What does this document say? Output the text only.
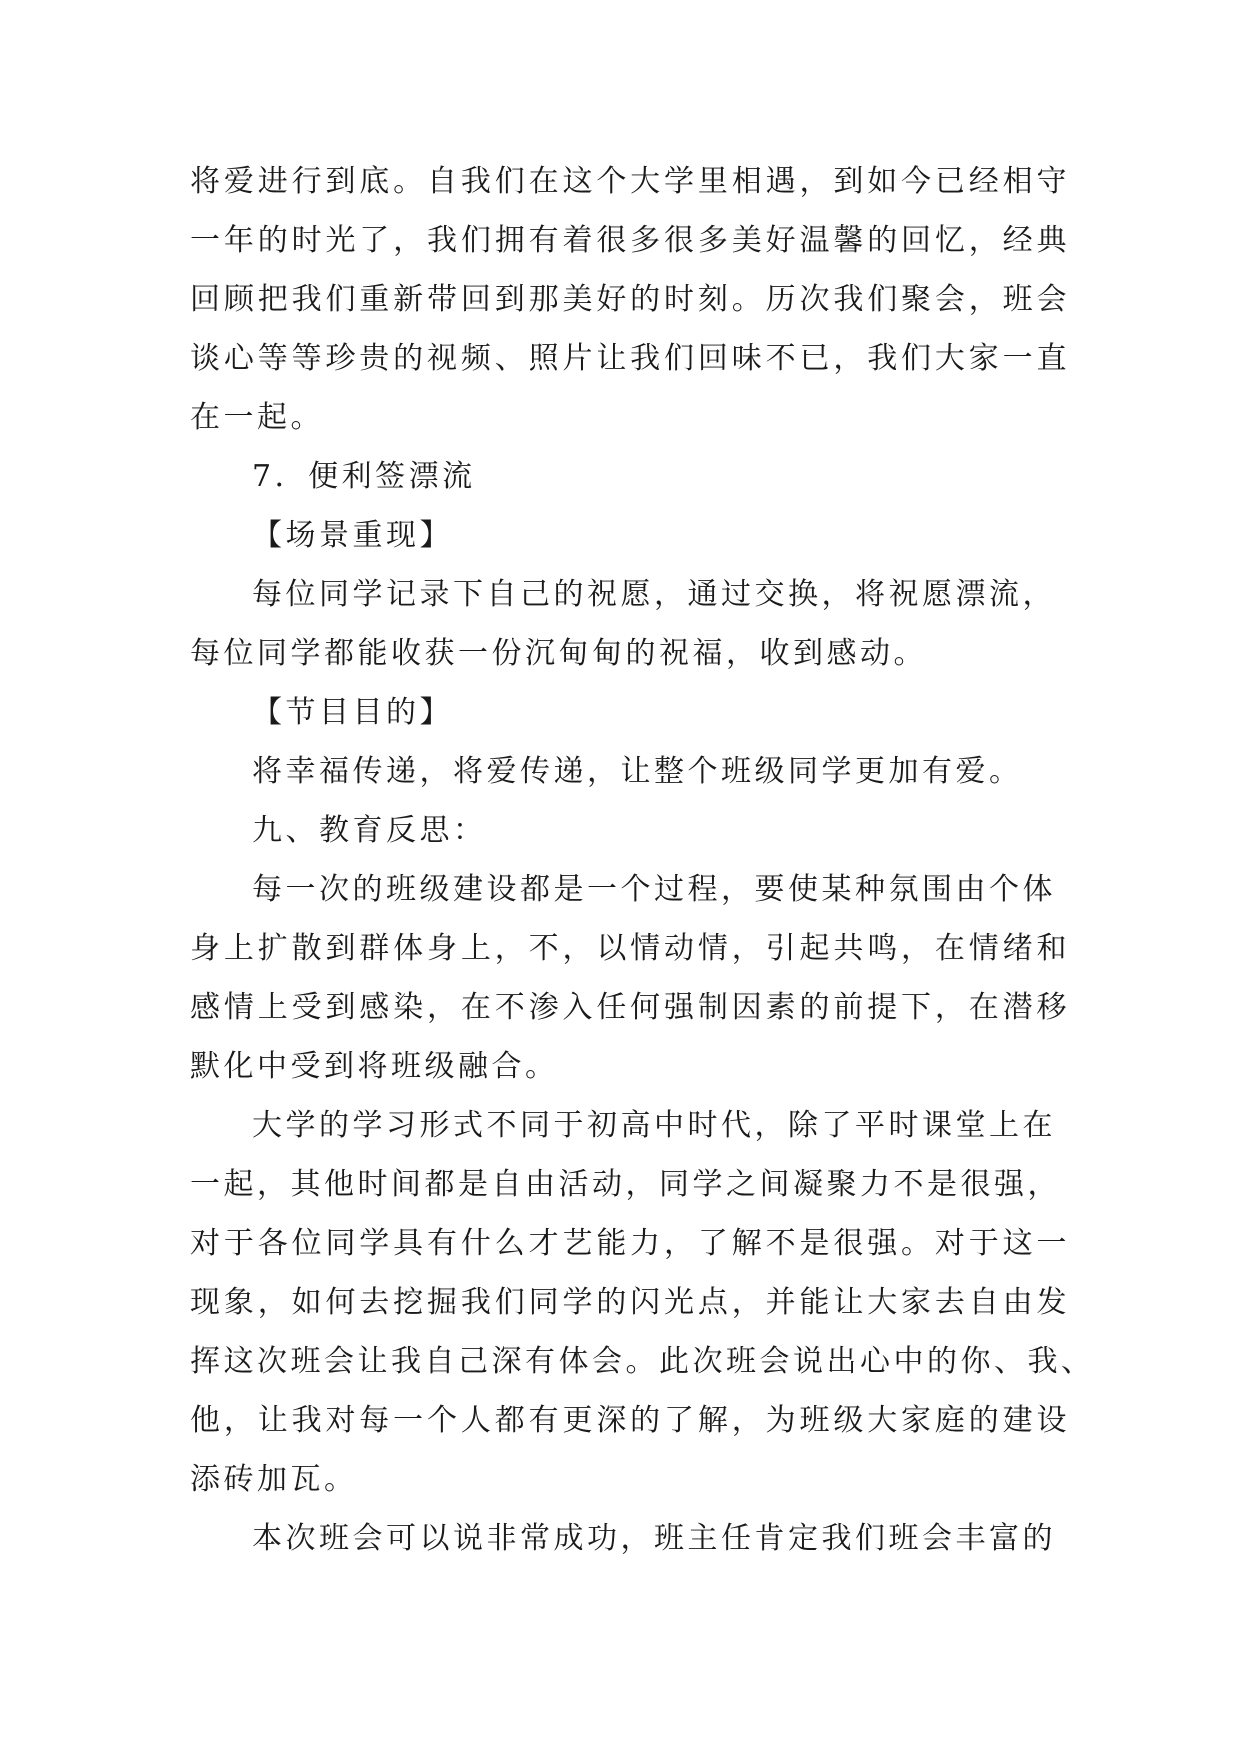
将爱进行到底。自我们在这个大学里相遇，到如今已经相守
一年的时光了，我们拥有着很多很多美好温馨的回忆，经典
回顾把我们重新带回到那美好的时刻。历次我们聚会，班会
谈心等等珍贵的视频、照片让我们回味不已，我们大家一直
在一起。

7．便利签漂流

【场景重现】

每位同学记录下自己的祝愿，通过交换，将祝愿漂流，
每位同学都能收获一份沉甸甸的祝福，收到感动。

【节目目的】

将幸福传递，将爱传递，让整个班级同学更加有爱。

九、教育反思：

每一次的班级建设都是一个过程，要使某种氛围由个体
身上扩散到群体身上，不，以情动情，引起共鸣，在情绪和
感情上受到感染，在不渗入任何强制因素的前提下，在潜移
默化中受到将班级融合。

大学的学习形式不同于初高中时代，除了平时课堂上在
一起，其他时间都是自由活动，同学之间凝聚力不是很强，
对于各位同学具有什么才艺能力，了解不是很强。对于这一
现象，如何去挖掘我们同学的闪光点，并能让大家去自由发
挥这次班会让我自己深有体会。此次班会说出心中的你、我、
他，让我对每一个人都有更深的了解，为班级大家庭的建设
添砖加瓦。

本次班会可以说非常成功，班主任肯定我们班会丰富的
